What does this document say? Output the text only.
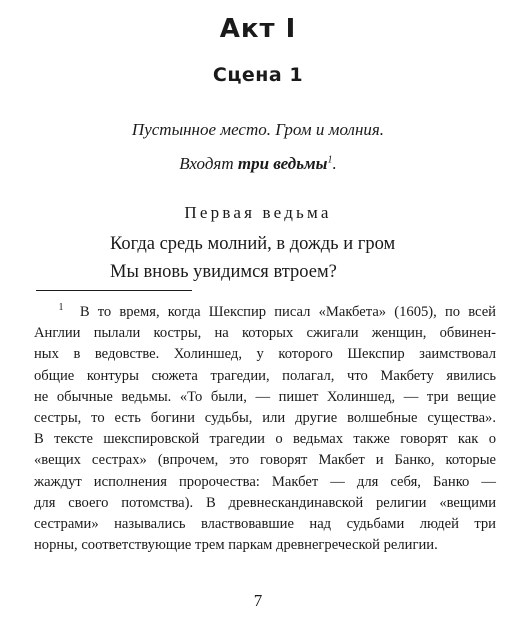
Акт I
Сцена 1

Пустынное место. Гром и молния.

Входят три ведьмы$^1$.

Первая ведьма

Когда средь молний, в дождь и гром
Мы вновь увидимся втроем?
$^1$ В то время, когда Шекспир писал «Макбета» (1605), по всей
Англии пылали костры, на которых сжигали женщин, обвинен-
ных в ведовстве. Холиншед, у которого Шекспир заимствовал
общие контуры сюжета трагедии, полагал, что Макбету явились
не обычные ведьмы. «То были, — пишет Холиншед, — три вещие
сестры, то есть богини судьбы, или другие волшебные существа».
В тексте шекспировской трагедии о ведьмах также говорят как о
«вещих сестрах» (впрочем, это говорят Макбет и Банко, которые
жаждут исполнения пророчества: Макбет — для себя, Банко —
для своего потомства). В древнескандинавской религии «вещими
сестрами» назывались властвовавшие над судьбами людей три
норны, соответствующие трем паркам древнегреческой религии.

7
